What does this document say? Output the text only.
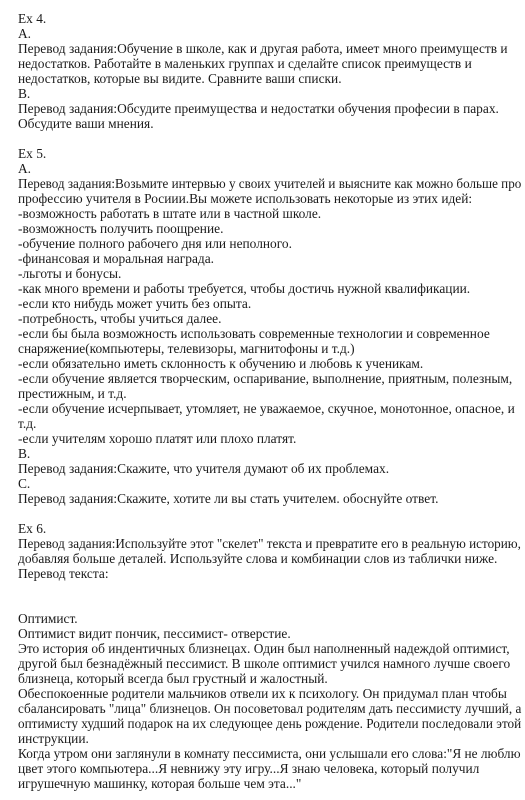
Ex 4.
A.
Перевод задания:Обучение в школе, как и другая работа, имеет много преимуществ и
недостатков. Работайте в маленьких группах и сделайте список преимуществ и
недостатков, которые вы видите. Сравните ваши списки.
B.
Перевод задания:Обсудите преимущества и недостатки обучения професии в парах.
Обсудите ваши мнения.
Ex 5.
A.
Перевод задания:Возьмите интервью у своих учителей и выясните как можно больше про
профессию учителя в Росиии.Вы можете использовать некоторые из этих идей:
-возможность работать в штате или в частной школе.
-возможность получить поощрение.
-обучение полного рабочего дня или неполного.
-финансовая и моральная награда.
-льготы и бонусы.
-как много времени и работы требуется, чтобы достичь нужной квалификации.
-если кто нибудь может учить без опыта.
-потребность, чтобы учиться далее.
-если бы была возможность использовать современные технологии и современное
снаряжение(компьютеры, телевизоры, магнитофоны и т.д.)
-если обязательно иметь склонность к обучению и любовь к ученикам.
-если обучение является творческим, оспаривание, выполнение, приятным, полезным,
престижным, и т.д.
-если обучение исчерпывает, утомляет, не уважаемое, скучное, монотонное, опасное, и
т.д.
-если учителям хорошо платят или плохо платят.
B.
Перевод задания:Скажите, что учителя думают об их проблемах.
C.
Перевод задания:Скажите, хотите ли вы стать учителем. обоснуйте ответ.
Ex 6.
Перевод задания:Используйте этот "скелет" текста и превратите его в реальную историю,
добавляя больше деталей. Используйте слова и комбинации слов из таблички ниже.
Перевод текста:
Оптимист.
Оптимист видит пончик, пессимист- отверстие.
Это история об индентичных близнецах. Один был наполненный надеждой оптимист,
другой был безнадёжный пессимист. В школе оптимист учился намного лучше своего
близнеца, который всегда был грустный и жалостный.
Обеспокоенные родители мальчиков отвели их к психологу. Он придумал план чтобы
сбалансировать "лица" близнецов. Он посоветовал родителям дать пессимисту лучший, а
оптимисту худший подарок на их следующее день рождение. Родители последовали этой
инструкции.
Когда утром они заглянули в комнату пессимиста, они услышали его слова:"Я не люблю
цвет этого компьютера...Я невнижу эту игру...Я знаю человека, который получил
игрушечную машинку, которая больше чем эта..."
